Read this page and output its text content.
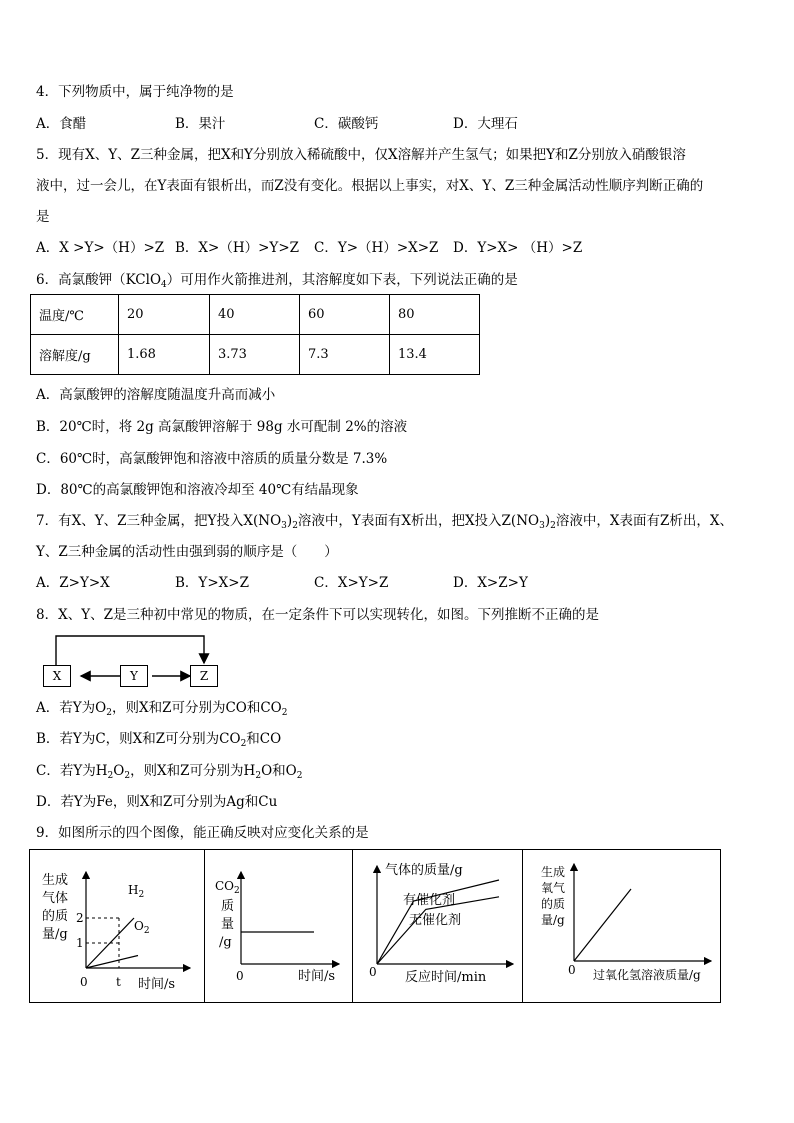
4．下列物质中，属于纯净物的是
A．食醋	B．果汁	C．碳酸钙	D．大理石
5．现有X、Y、Z三种金属，把X和Y分别放入稀硫酸中，仅X溶解并产生氢气；如果把Y和Z分别放入硝酸银溶
液中，过一会儿，在Y表面有银析出，而Z没有变化。根据以上事实，对X、Y、Z三种金属活动性顺序判断正确的
是
A．X >Y>（H）>Z B．X>（H）>Y>Z C．Y>（H）>X>Z D．Y>X> （H）>Z
6．高氯酸钾（KClO$_4$）可用作火箭推进剂，其溶解度如下表，下列说法正确的是
温度/℃	20	40	60	80
溶解度/g	1.68	3.73	7.3	13.4
A．高氯酸钾的溶解度随温度升高而减小
B．20℃时，将 2g 高氯酸钾溶解于 98g 水可配制 2%的溶液
C．60℃时，高氯酸钾饱和溶液中溶质的质量分数是 7.3%
D．80℃的高氯酸钾饱和溶液冷却至 40℃有结晶现象
7．有X、Y、Z三种金属，把Y投入$X(NO_3)_2$溶液中，Y表面有X析出，把X投入$Z(NO_3)_2$溶液中，X表面有Z析出，X、
Y、Z三种金属的活动性由强到弱的顺序是（　　）
A．Z>Y>X	B．Y>X>Z	C．X>Y>Z	D．X>Z>Y
8．X、Y、Z是三种初中常见的物质，在一定条件下可以实现转化，如图。下列推断不正确的是
X	Y	Z
A．若Y为$O_2$，则X和Z可分别为CO和$CO_2$
B．若Y为C，则X和Z可分别为$CO_2$和CO
C．若Y为$H_2O_2$，则X和Z可分别为$H_2O$和$O_2$
D．若Y为Fe，则X和Z可分别为Ag和Cu
9．如图所示的四个图像，能正确反映对应变化关系的是
生成
气体
的质
量/g
2
1
0 t 时间/s
$H_2$
$O_2$
$CO_2$
质
量
/g
0	时间/s
气体的质量/g
有催化剂
无催化剂
0 反应时间/min
生成
氧气
的质
量/g
0 过氧化氢溶液质量/g
